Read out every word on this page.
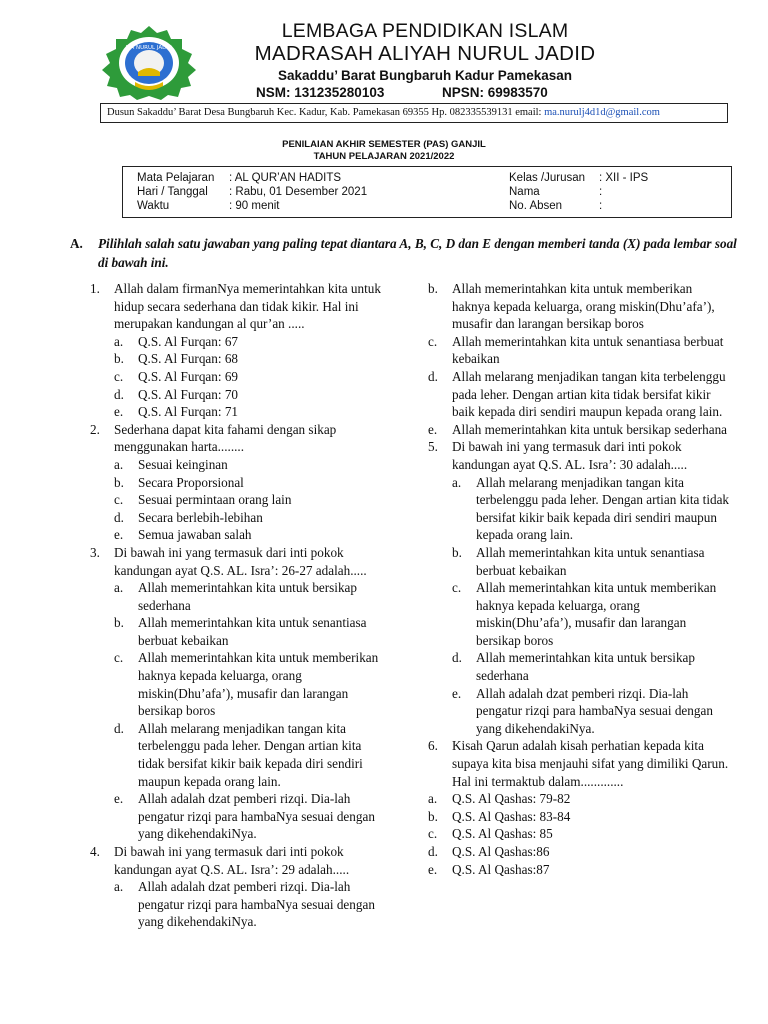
MA NURUL JADID
LEMBAGA PENDIDIKAN ISLAM
MADRASAH ALIYAH NURUL JADID
Sakaddu’ Barat Bungbaruh Kadur Pamekasan
NSM: 131235280103	NPSN: 69983570
Dusun Sakaddu’ Barat Desa Bungbaruh Kec. Kadur, Kab. Pamekasan 69355 Hp. 082335539131 email: ma.nurulj4d1d@gmail.com
PENILAIAN AKHIR SEMESTER (PAS) GANJIL
TAHUN PELAJARAN 2021/2022
Mata Pelajaran : AL QUR’AN HADITS
Hari / Tanggal : Rabu, 01 Desember 2021
Waktu	: 90 menit
Kelas /Jurusan : XII - IPS
Nama	:
No. Absen	:
A.	Pilihlah salah satu jawaban yang paling tepat diantara A, B, C, D dan E dengan memberi tanda (X) pada lembar soal di bawah ini.
1. Allah dalam firmanNya memerintahkan kita untuk hidup secara sederhana dan tidak kikir. Hal ini merupakan kandungan al qur’an .....
a. Q.S. Al Furqan: 67
b. Q.S. Al Furqan: 68
c. Q.S. Al Furqan: 69
d. Q.S. Al Furqan: 70
e. Q.S. Al Furqan: 71
2. Sederhana dapat kita fahami dengan sikap menggunakan harta........
a. Sesuai keinginan
b. Secara Proporsional
c. Sesuai permintaan orang lain
d. Secara berlebih-lebihan
e. Semua jawaban salah
3. Di bawah ini yang termasuk dari inti pokok kandungan ayat Q.S. AL. Isra’: 26-27 adalah.....
a. Allah memerintahkan kita untuk bersikap sederhana
b. Allah memerintahkan kita untuk senantiasa berbuat kebaikan
c. Allah memerintahkan kita untuk memberikan haknya kepada keluarga, orang miskin(Dhu’afa’), musafir dan larangan bersikap boros
d. Allah melarang menjadikan tangan kita terbelenggu pada leher. Dengan artian kita tidak bersifat kikir baik kepada diri sendiri maupun kepada orang lain.
e. Allah adalah dzat pemberi rizqi. Dia-lah pengatur rizqi para hambaNya sesuai dengan yang dikehendakiNya.
4. Di bawah ini yang termasuk dari inti pokok kandungan ayat Q.S. AL. Isra’: 29 adalah.....
a. Allah adalah dzat pemberi rizqi. Dia-lah pengatur rizqi para hambaNya sesuai dengan yang dikehendakiNya.
b. Allah memerintahkan kita untuk memberikan haknya kepada keluarga, orang miskin(Dhu’afa’), musafir dan larangan bersikap boros
c. Allah memerintahkan kita untuk senantiasa berbuat kebaikan
d. Allah melarang menjadikan tangan kita terbelenggu pada leher. Dengan artian kita tidak bersifat kikir baik kepada diri sendiri maupun kepada orang lain.
e. Allah memerintahkan kita untuk bersikap sederhana
5. Di bawah ini yang termasuk dari inti pokok kandungan ayat Q.S. AL. Isra’: 30 adalah.....
a. Allah melarang menjadikan tangan kita terbelenggu pada leher. Dengan artian kita tidak bersifat kikir baik kepada diri sendiri maupun kepada orang lain.
b. Allah memerintahkan kita untuk senantiasa berbuat kebaikan
c. Allah memerintahkan kita untuk memberikan haknya kepada keluarga, orang miskin(Dhu’afa’), musafir dan larangan bersikap boros
d. Allah memerintahkan kita untuk bersikap sederhana
e. Allah adalah dzat pemberi rizqi. Dia-lah pengatur rizqi para hambaNya sesuai dengan yang dikehendakiNya.
6. Kisah Qarun adalah kisah perhatian kepada kita supaya kita bisa menjauhi sifat yang dimiliki Qarun. Hal ini termaktub dalam.............
a. Q.S. Al Qashas: 79-82
b. Q.S. Al Qashas: 83-84
c. Q.S. Al Qashas: 85
d. Q.S. Al Qashas:86
e. Q.S. Al Qashas:87
